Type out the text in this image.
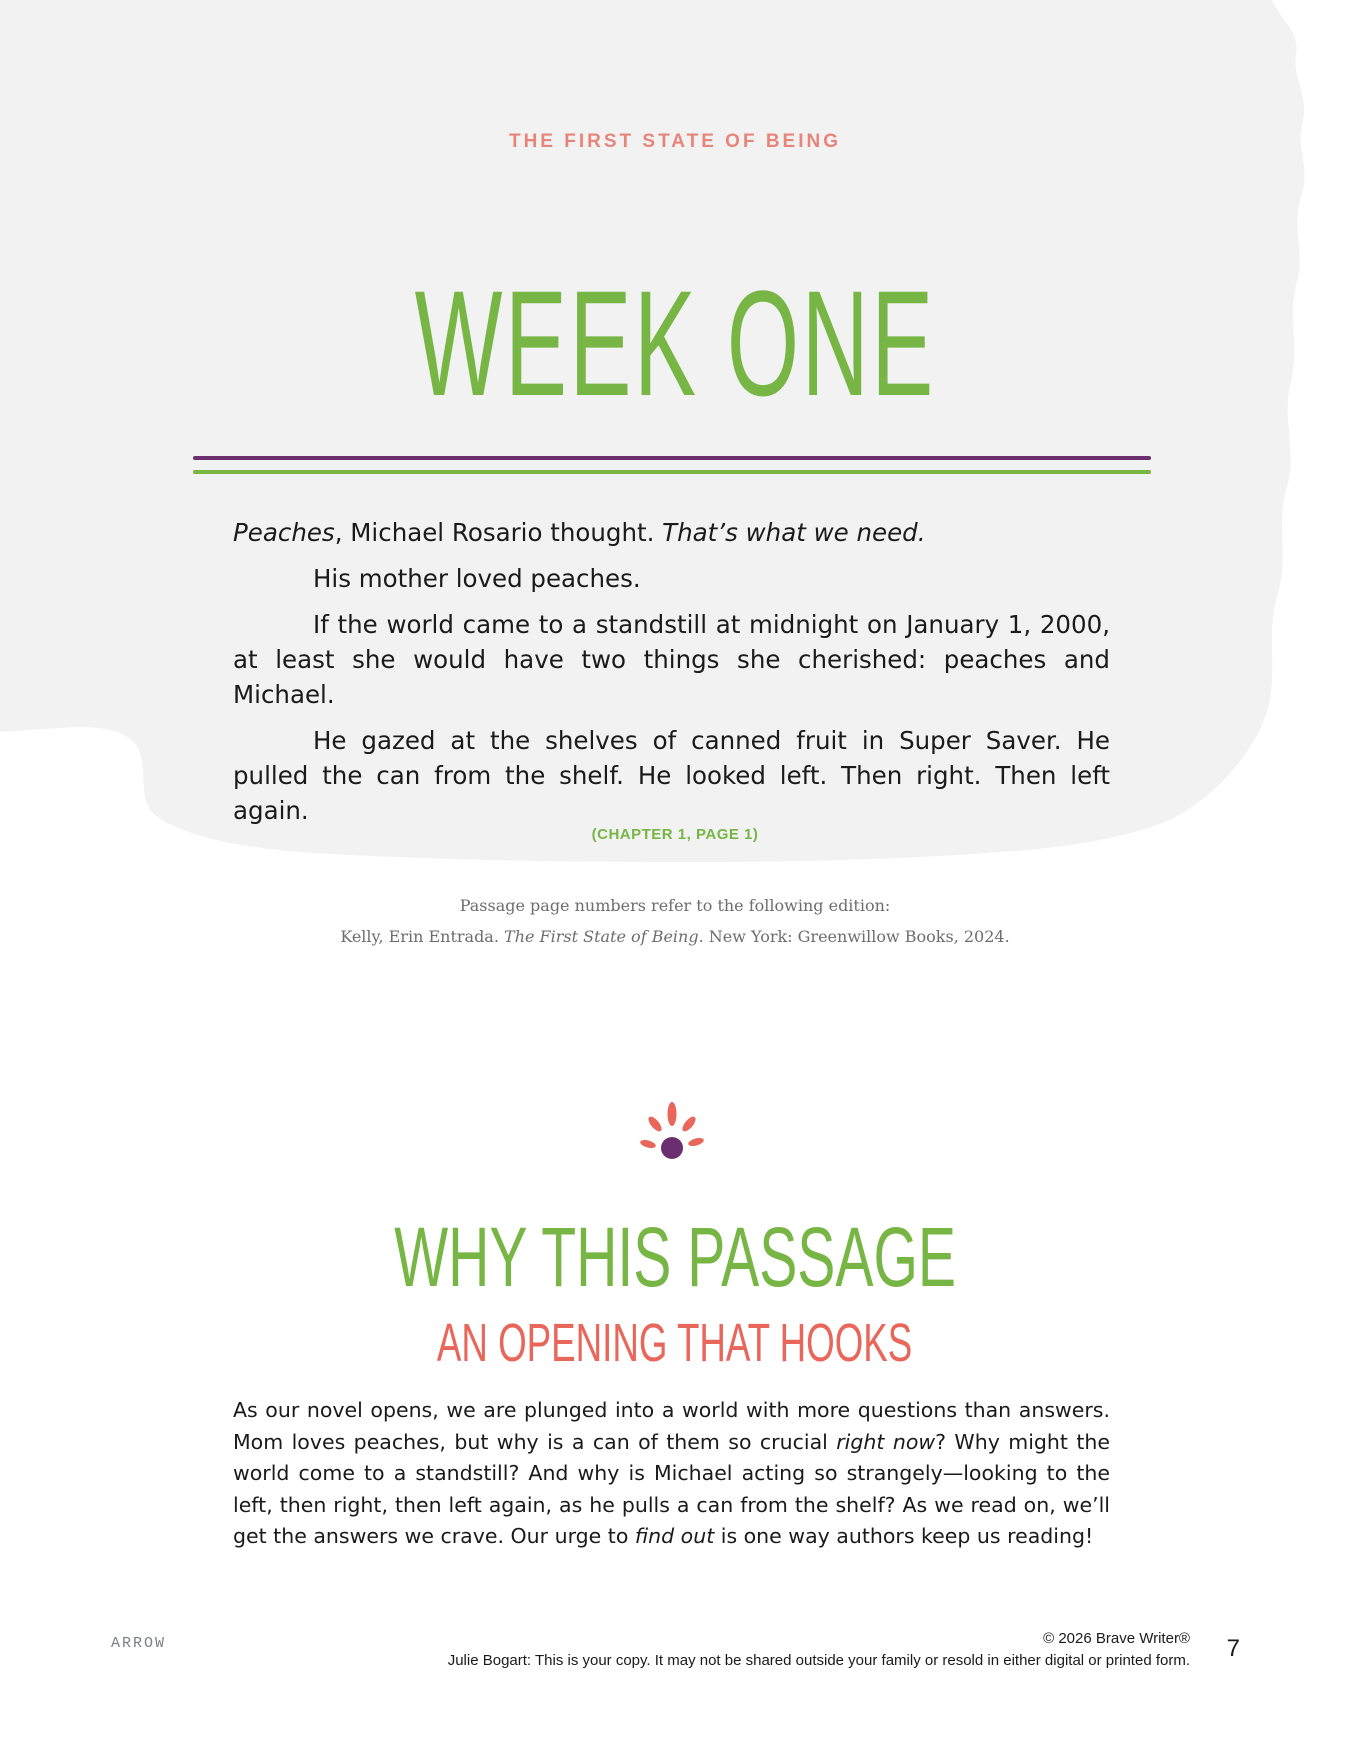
THE FIRST STATE OF BEING
WEEK ONE

Peaches, Michael Rosario thought. That’s what we need.

His mother loved peaches.

If the world came to a standstill at midnight on January 1, 2000, at least she would have two things she cherished: peaches and Michael.

He gazed at the shelves of canned fruit in Super Saver. He pulled the can from the shelf. He looked left. Then right. Then left again.

(CHAPTER 1, PAGE 1)
Passage page numbers refer to the following edition:
Kelly, Erin Entrada. The First State of Being. New York: Greenwillow Books, 2024.
WHY THIS PASSAGE
AN OPENING THAT HOOKS
As our novel opens, we are plunged into a world with more questions than answers. Mom loves peaches, but why is a can of them so crucial right now? Why might the world come to a standstill? And why is Michael acting so strangely—looking to the left, then right, then left again, as he pulls a can from the shelf? As we read on, we’ll get the answers we crave. Our urge to find out is one way authors keep us reading!
ARROW	© 2026 Brave Writer®
Julie Bogart: This is your copy. It may not be shared outside your family or resold in either digital or printed form. 7
